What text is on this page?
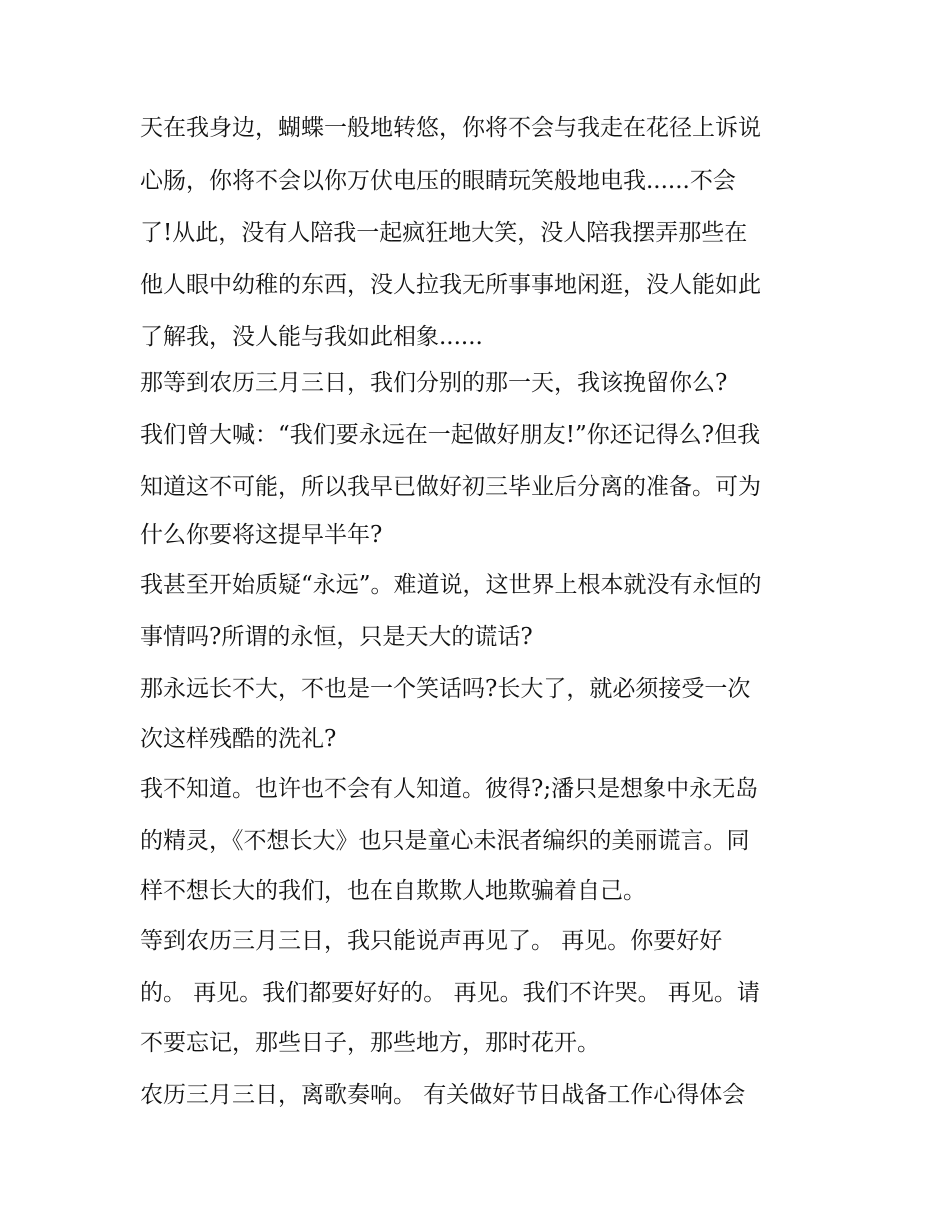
天在我身边，蝴蝶一般地转悠，你将不会与我走在花径上诉说
心肠，你将不会以你万伏电压的眼睛玩笑般地电我......不会
了!从此，没有人陪我一起疯狂地大笑，没人陪我摆弄那些在
他人眼中幼稚的东西，没人拉我无所事事地闲逛，没人能如此
了解我，没人能与我如此相象......
那等到农历三月三日，我们分别的那一天，我该挽留你么?
我们曾大喊：“我们要永远在一起做好朋友!”你还记得么?但我
知道这不可能，所以我早已做好初三毕业后分离的准备。可为
什么你要将这提早半年?
我甚至开始质疑“永远”。难道说，这世界上根本就没有永恒的
事情吗?所谓的永恒，只是天大的谎话?
那永远长不大，不也是一个笑话吗?长大了，就必须接受一次
次这样残酷的洗礼?
我不知道。也许也不会有人知道。彼得?;潘只是想象中永无岛
的精灵，《不想长大》也只是童心未泯者编织的美丽谎言。同
样不想长大的我们，也在自欺欺人地欺骗着自己。
等到农历三月三日，我只能说声再见了。 再见。你要好好
的。 再见。我们都要好好的。 再见。我们不许哭。 再见。请
不要忘记，那些日子，那些地方，那时花开。
农历三月三日，离歌奏响。 有关做好节日战备工作心得体会
